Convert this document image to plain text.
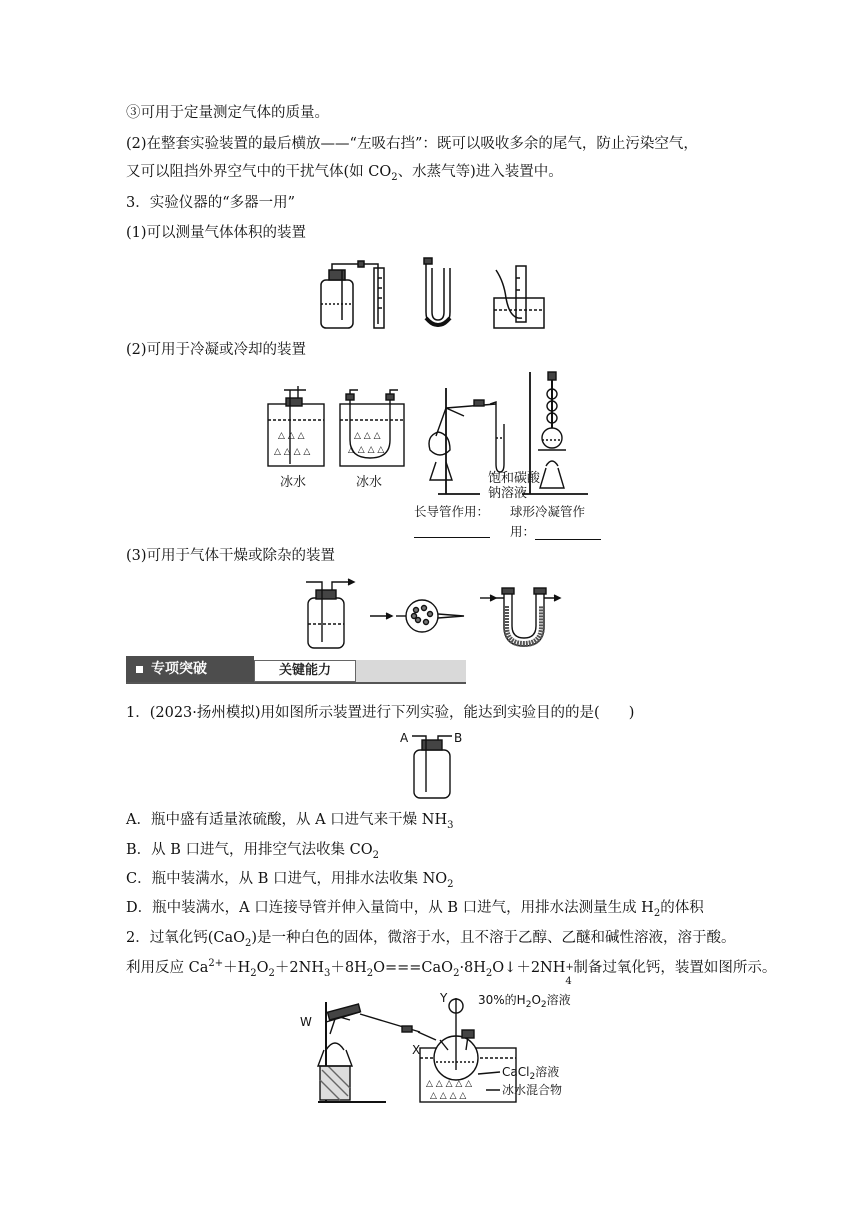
③可用于定量测定气体的质量。
(2)在整套实验装置的最后横放——“左吸右挡”：既可以吸收多余的尾气，防止污染空气，
又可以阻挡外界空气中的干扰气体(如 $CO_2$、水蒸气等)进入装置中。
3．实验仪器的“多器一用”
(1)可以测量气体体积的装置
(2)可用于冷凝或冷却的装置
△ △ △
△ △ △ △
△ △ △
△ △ △ △
冰水	冰水	饱和碳酸
钠溶液
长导管作用：
球形冷凝管作
用：
(3)可用于气体干燥或除杂的装置
专项突破	关键能力
1．(2023·扬州模拟)用如图所示装置进行下列实验，能达到实验目的的是(　　)
A	B
A．瓶中盛有适量浓硫酸，从 A 口进气来干燥 $NH_3$
B．从 B 口进气，用排空气法收集 $CO_2$
C．瓶中装满水，从 B 口进气，用排水法收集 $NO_2$
D．瓶中装满水，A 口连接导管并伸入量筒中，从 B 口进气，用排水法测量生成 $H_2$的体积
2．过氧化钙(CaO$_2$)是一种白色的固体，微溶于水，且不溶于乙醇、乙醚和碱性溶液，溶于酸。
利用反应 $Ca^{2+}+H_2O_2+2NH_3+8H_2O===CaO_2\cdot 8H_2O↓+2NH$ +
4
制备过氧化钙，装置如图所示。
△ △ △ △ △
△ △ △ △
W
X
Y	30%的$H_2O_2$溶液
CaCl$_2$溶液
冰水混合物
